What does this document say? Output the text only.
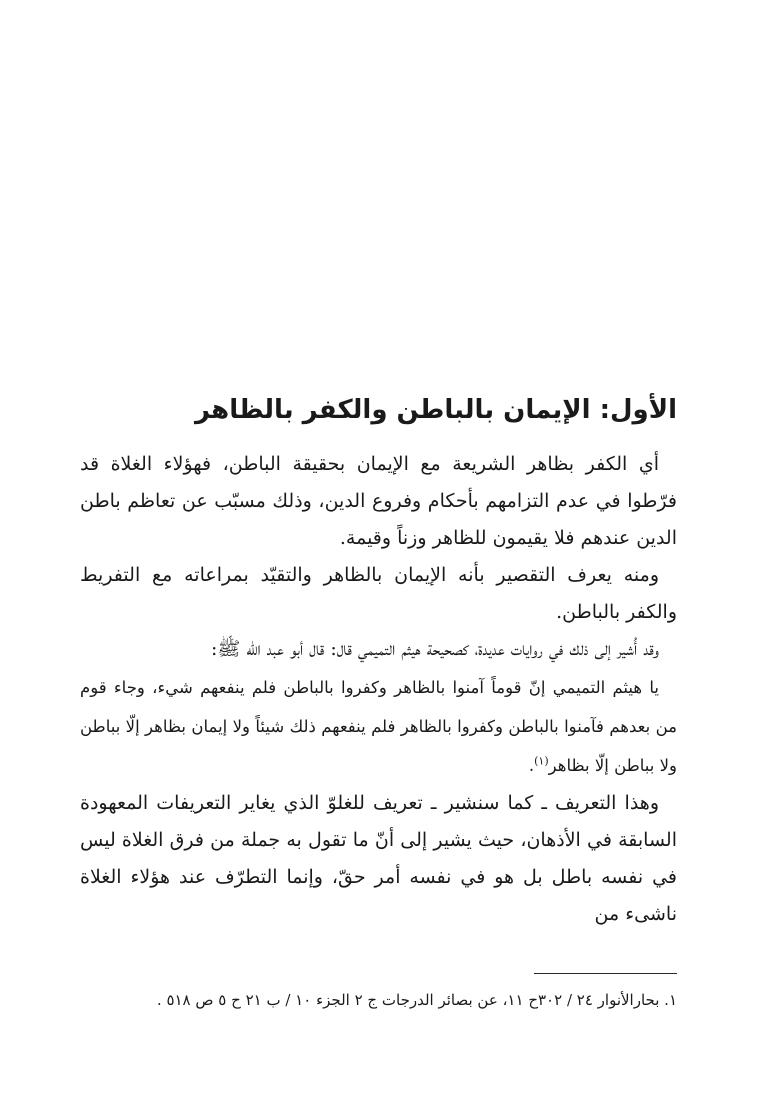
الأول: الإيمان بالباطن والكفر بالظاهر

أي الكفر بظاهر الشريعة مع الإيمان بحقيقة الباطن، فهؤلاء الغلاة قد فرّطوا في عدم التزامهم بأحكام وفروع الدين، وذلك مسبّب عن تعاظم باطن الدين عندهم فلا يقيمون للظاهر وزناً وقيمة.

ومنه يعرف التقصير بأنه الإيمان بالظاهر والتقيّد بمراعاته مع التفريط والكفر بالباطن.

وقد أُشير إلى ذلك في روايات عديدة، كصحيحة هيثم التميمي قال: قال أبو عبد الله ﷺ:

يا هيثم التميمي إنّ قوماً آمنوا بالظاهر وكفروا بالباطن فلم ينفعهم شيء، وجاء قوم من بعدهم فآمنوا بالباطن وكفروا بالظاهر فلم ينفعهم ذلك شيئاً ولا إيمان بظاهر إلّا بباطن ولا بباطن إلّا بظاهر$^{(١)}$.

وهذا التعريف ـ كما سنشير ـ تعريف للغلوّ الذي يغاير التعريفات المعهودة السابقة في الأذهان، حيث يشير إلى أنّ ما تقول به جملة من فرق الغلاة ليس في نفسه باطل بل هو في نفسه أمر حقّ، وإنما التطرّف عند هؤلاء الغلاة ناشىء من

١. بحارالأنوار ٢٤ / ٣٠٢ح ١١، عن بصائر الدرجات ج ٢ الجزء ١٠ / ب ٢١ ح ٥ ص ٥١٨ .
